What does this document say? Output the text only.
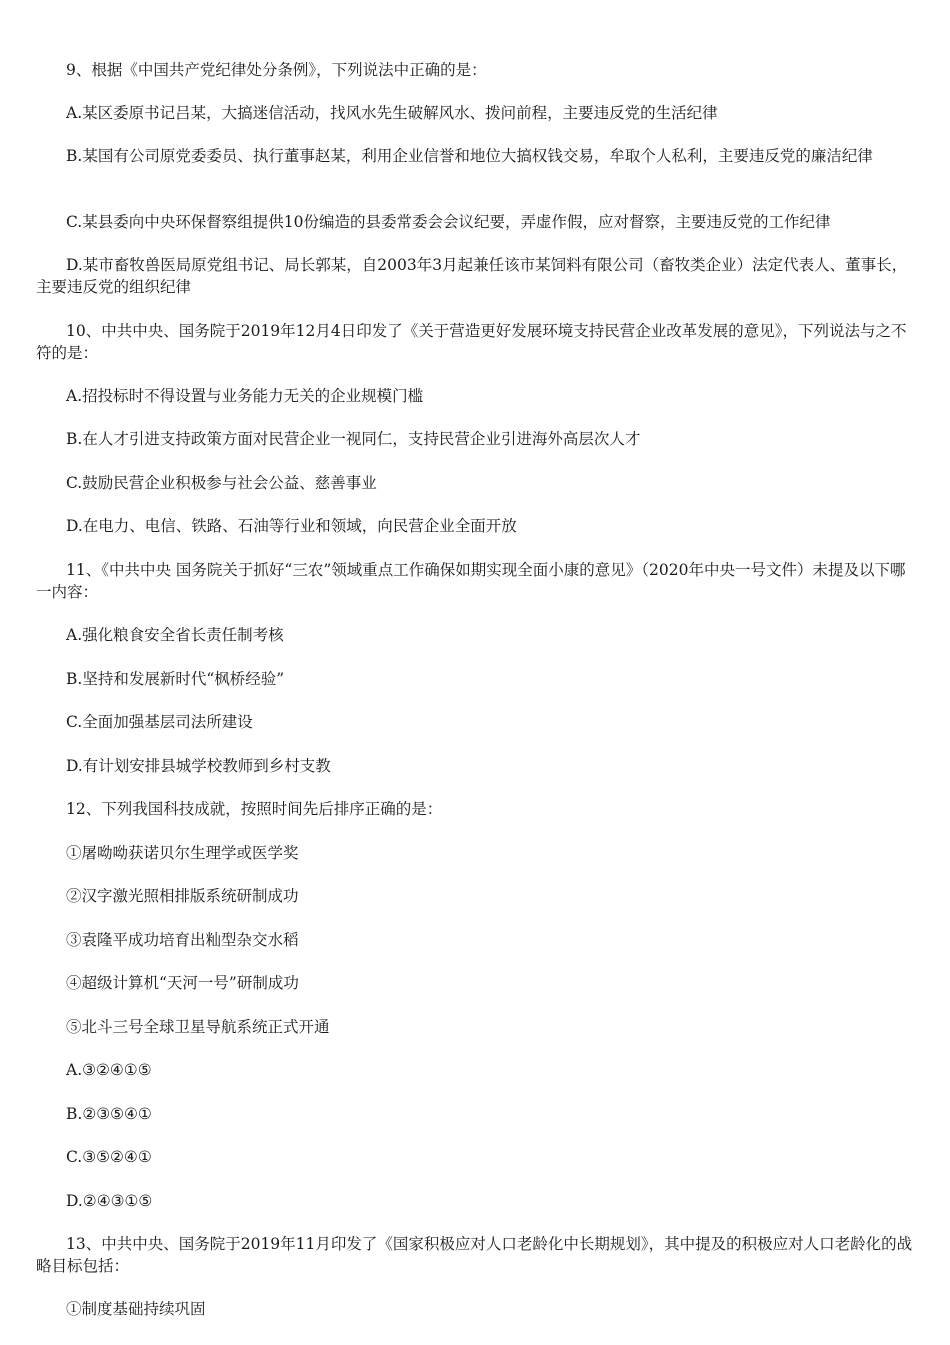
9、根据《中国共产党纪律处分条例》，下列说法中正确的是：
A.某区委原书记吕某，大搞迷信活动，找风水先生破解风水、拨问前程，主要违反党的生活纪律
B.某国有公司原党委委员、执行董事赵某，利用企业信誉和地位大搞权钱交易，牟取个人私利，主要违反党的廉洁纪律
C.某县委向中央环保督察组提供10份编造的县委常委会会议纪要，弄虚作假，应对督察，主要违反党的工作纪律
D.某市畜牧兽医局原党组书记、局长郭某，自2003年3月起兼任该市某饲料有限公司（畜牧类企业）法定代表人、董事长，主要违反党的组织纪律
10、中共中央、国务院于2019年12月4日印发了《关于营造更好发展环境支持民营企业改革发展的意见》，下列说法与之不符的是：
A.招投标时不得设置与业务能力无关的企业规模门槛
B.在人才引进支持政策方面对民营企业一视同仁，支持民营企业引进海外高层次人才
C.鼓励民营企业积极参与社会公益、慈善事业
D.在电力、电信、铁路、石油等行业和领域，向民营企业全面开放
11、《中共中央 国务院关于抓好“三农”领域重点工作确保如期实现全面小康的意见》（2020年中央一号文件）未提及以下哪一内容：
A.强化粮食安全省长责任制考核
B.坚持和发展新时代“枫桥经验”
C.全面加强基层司法所建设
D.有计划安排县城学校教师到乡村支教
12、下列我国科技成就，按照时间先后排序正确的是：
①屠呦呦获诺贝尔生理学或医学奖
②汉字激光照相排版系统研制成功
③袁隆平成功培育出籼型杂交水稻
④超级计算机“天河一号”研制成功
⑤北斗三号全球卫星导航系统正式开通
A.③②④①⑤
B.②③⑤④①
C.③⑤②④①
D.②④③①⑤
13、中共中央、国务院于2019年11月印发了《国家积极应对人口老龄化中长期规划》，其中提及的积极应对人口老龄化的战略目标包括：
①制度基础持续巩固
